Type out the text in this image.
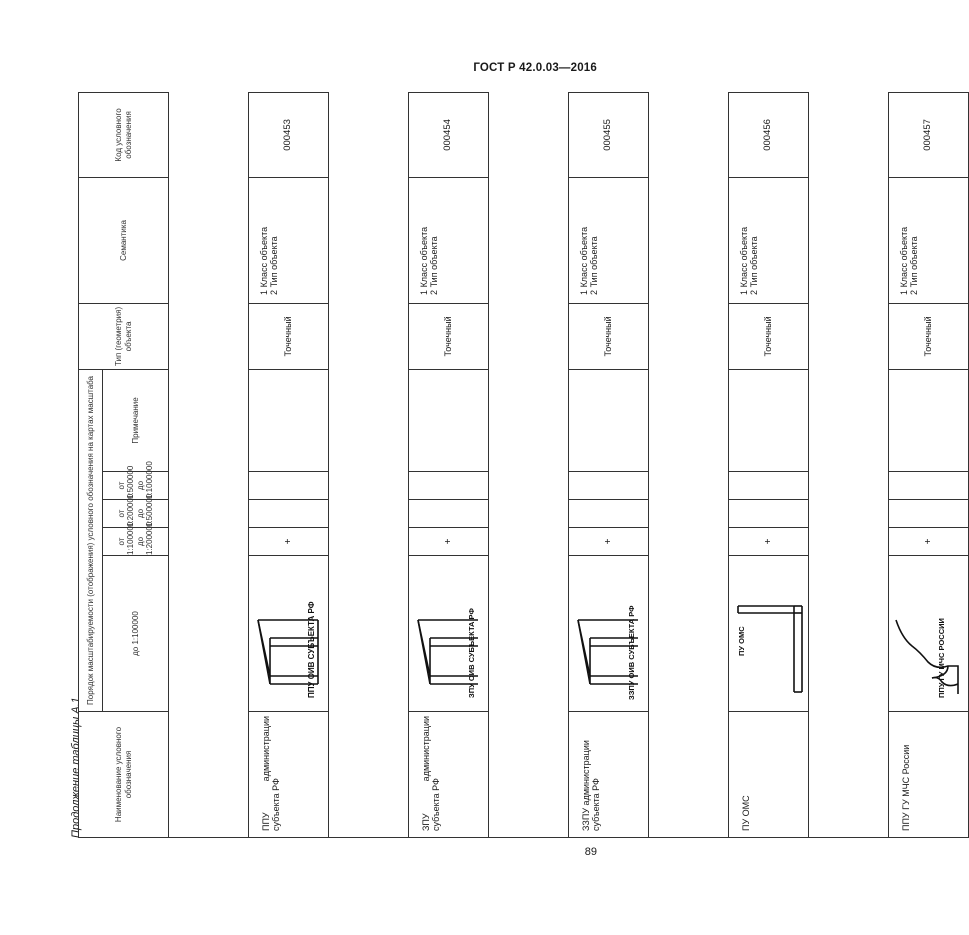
ГОСТ Р 42.0.03—2016
Продолжение таблицы А.1	Наименование условного обозначения	Порядок масштабируемости (отображения) условного обозначения на картах масштаба					Тип (геометрия) объекта	Семантика	Код условного обозначения
	до 1:100000	от 1:100000 до 1:200000	от 1:200000 до 1:500000	от 1:500000 до 1:1000000	Примечание			

ППУ администрации субъекта РФ	ППУ ОИВ СУБЪЕКТА РФ	+				Точечный	1 Класс объекта 2 Тип объекта	000453

ЗПУ администрации субъекта РФ	ЗПУ ОИВ СУБЪЕКТА РФ	+				Точечный	1 Класс объекта 2 Тип объекта	000454

ЗЗПУ администрации субъекта РФ	ЗЗПУ ОИВ СУБЪЕКТА РФ	+				Точечный	1 Класс объекта 2 Тип объекта	000455

ПУ ОМС	ПУ ОМС	+				Точечный	1 Класс объекта 2 Тип объекта	000456

ППУ ГУ МЧС России	ППУ ГУ МЧС РОССИИ	+				Точечный	1 Класс объекта 2 Тип объекта	000457
89
